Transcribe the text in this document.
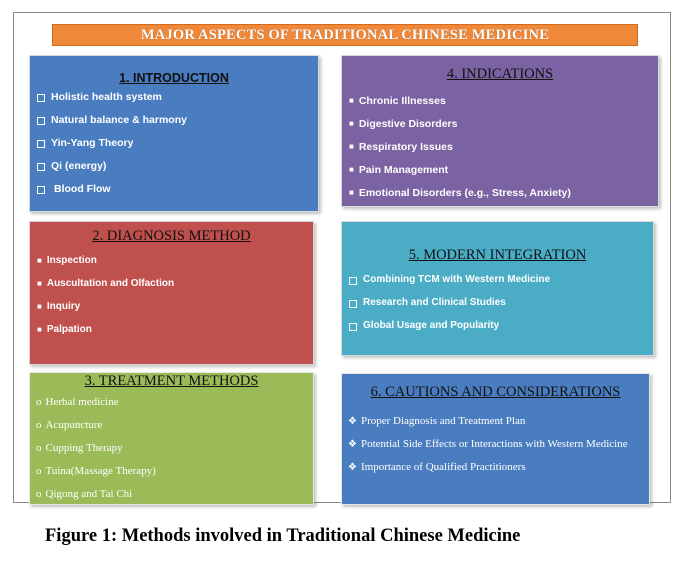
MAJOR ASPECTS OF TRADITIONAL CHINESE MEDICINE
1. INTRODUCTION
Holistic health system
Natural balance & harmony
Yin-Yang Theory
Qi (energy)
Blood Flow
4. INDICATIONS
■ Chronic Illnesses
■ Digestive Disorders
■ Respiratory Issues
■ Pain Management
■ Emotional Disorders (e.g., Stress, Anxiety)
2. DIAGNOSIS METHOD
■ Inspection
■ Auscultation and Olfaction
■ Inquiry
■ Palpation
5. MODERN INTEGRATION
Combining TCM with Western Medicine
Research and Clinical Studies
Global Usage and Popularity
3. TREATMENT METHODS
o Herbal medicine
o Acupuncture
o Cupping Therapy
o Tuina(Massage Therapy)
o Qigong and Tai Chi
6. CAUTIONS AND CONSIDERATIONS
❖ Proper Diagnosis and Treatment Plan
❖ Potential Side Effects or Interactions with Western Medicine
❖ Importance of Qualified Practitioners
Figure 1: Methods involved in Traditional Chinese Medicine
